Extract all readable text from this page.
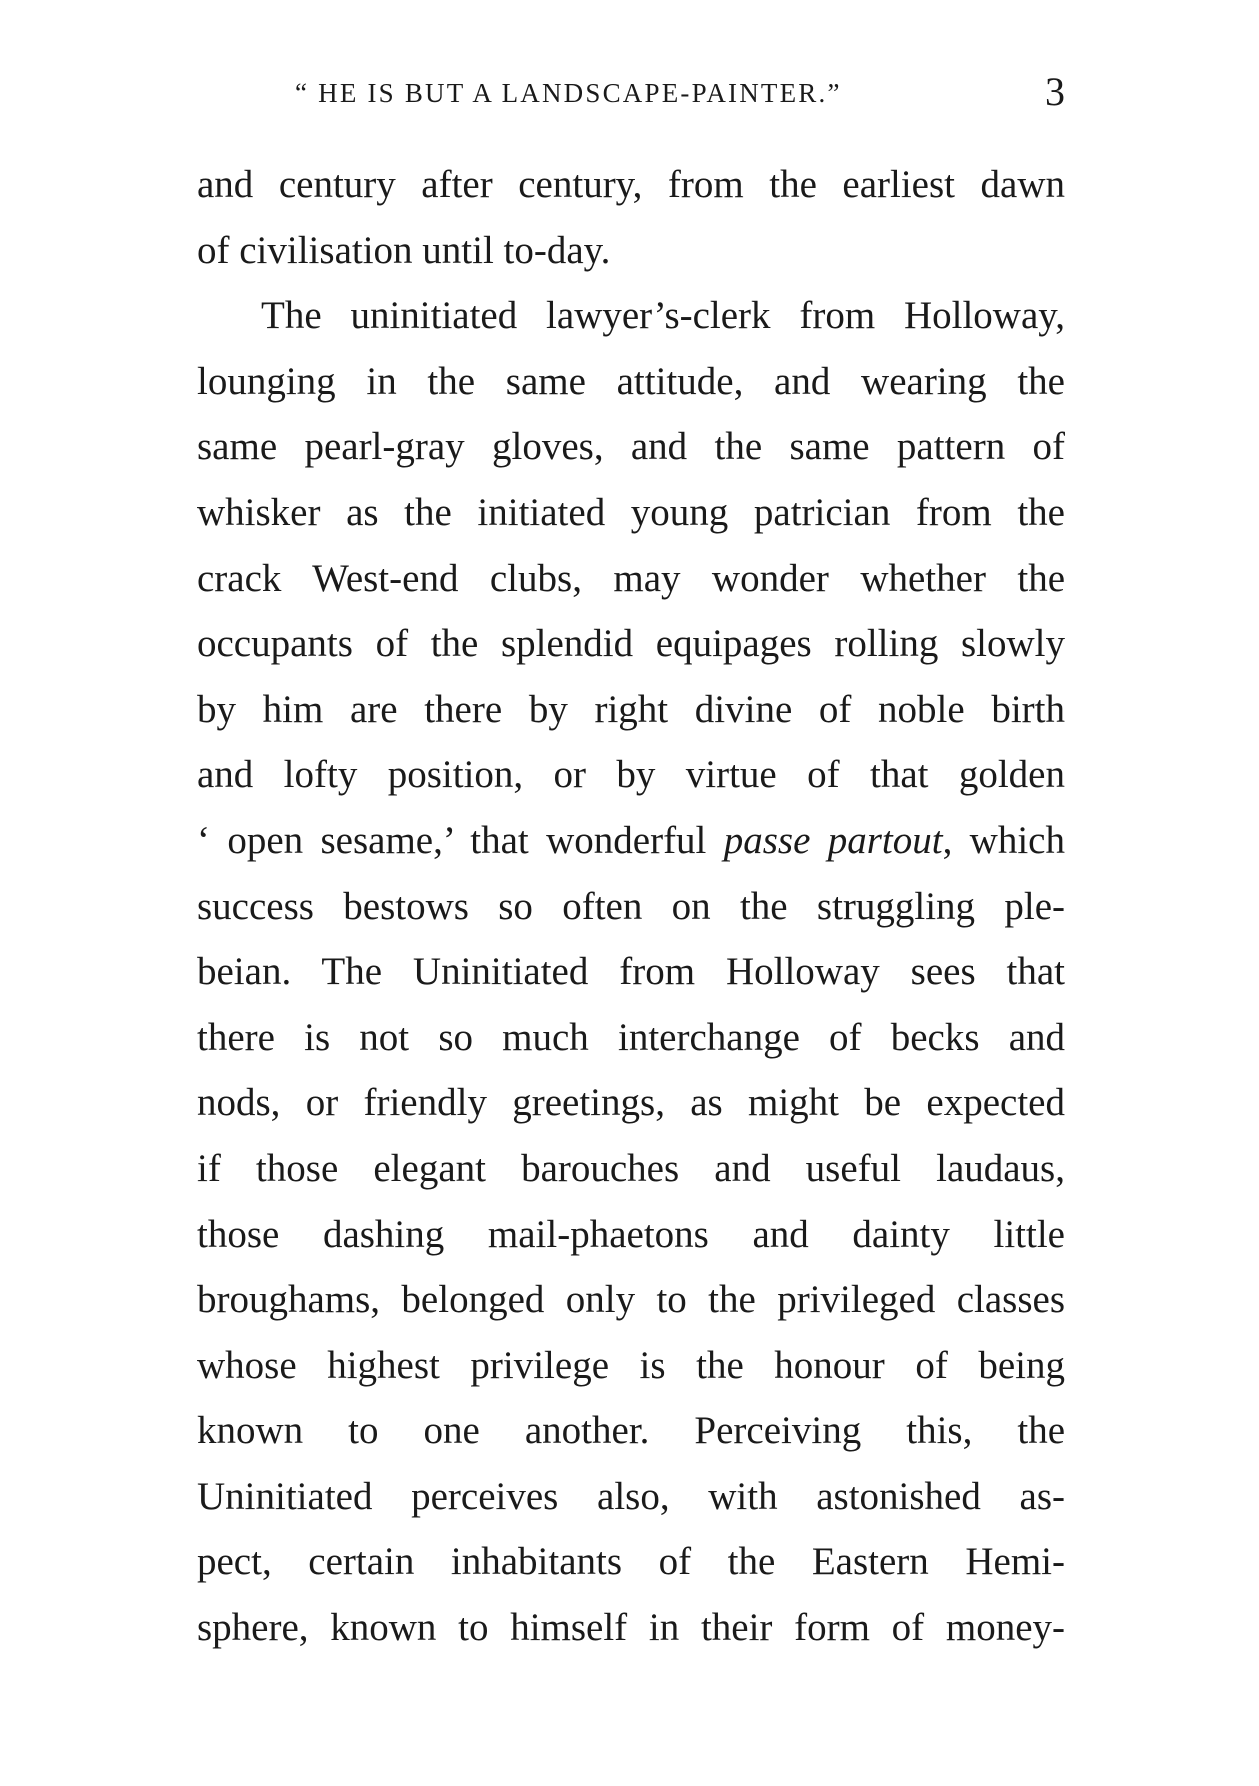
“ HE IS BUT A LANDSCAPE-PAINTER.”	3
and century after century, from the earliest dawn
of civilisation until to-day.
The uninitiated lawyer’s-clerk from Holloway,
lounging in the same attitude, and wearing the
same pearl-gray gloves, and the same pattern of
whisker as the initiated young patrician from the
crack West-end clubs, may wonder whether the
occupants of the splendid equipages rolling slowly
by him are there by right divine of noble birth
and lofty position, or by virtue of that golden
‘ open sesame,’ that wonderful passe partout, which
success bestows so often on the struggling ple-
beian. The Uninitiated from Holloway sees that
there is not so much interchange of becks and
nods, or friendly greetings, as might be expected
if those elegant barouches and useful laudaus,
those dashing mail-phaetons and dainty little
broughams, belonged only to the privileged classes
whose highest privilege is the honour of being
known to one another. Perceiving this, the
Uninitiated perceives also, with astonished as-
pect, certain inhabitants of the Eastern Hemi-
sphere, known to himself in their form of money-
